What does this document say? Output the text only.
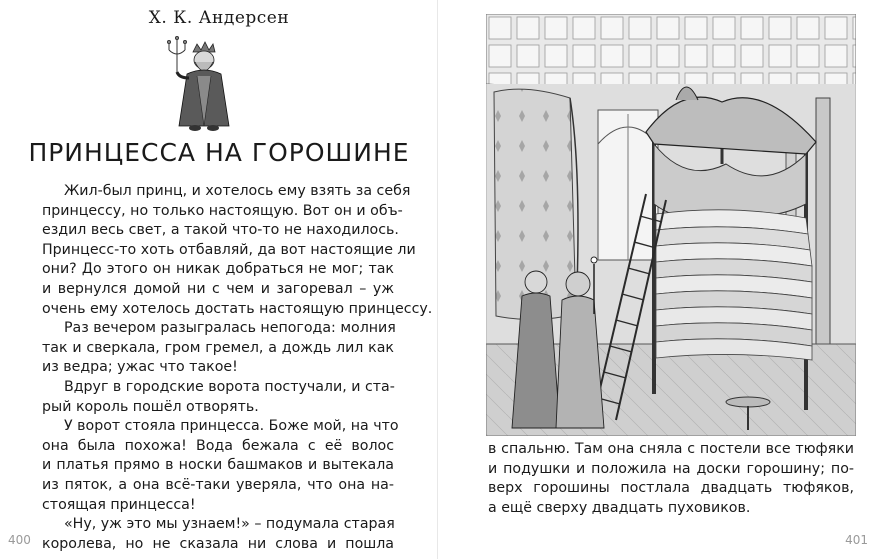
Х. К. Андерсен
ПРИНЦЕССА НА ГОРОШИНЕ
Жил-был принц, и хотелось ему взять за себя
принцессу, но только настоящую. Вот он и объ-
ездил весь свет, а такой что-то не находилось.
Принцесс-то хоть отбавляй, да вот настоящие ли
они? До этого он никак добраться не мог; так
и вернулся домой ни с чем и загоревал – уж
очень ему хотелось достать настоящую принцессу.
Раз вечером разыгралась непогода: молния
так и сверкала, гром гремел, а дождь лил как
из ведра; ужас что такое!
Вдруг в городские ворота постучали, и ста-
рый король пошёл отворять.
У ворот стояла принцесса. Боже мой, на что
она была похожа! Вода бежала с её волос
и платья прямо в носки башмаков и вытекала
из пяток, а она всё-таки уверяла, что она на-
стоящая принцесса!
«Ну, уж это мы узнаем!» – подумала старая
королева, но не сказала ни слова и пошла
400
в спальню. Там она сняла с постели все тюфяки
и подушки и положила на доски горошину; по-
верх горошины постлала двадцать тюфяков,
а ещё сверху двадцать пуховиков.
401
